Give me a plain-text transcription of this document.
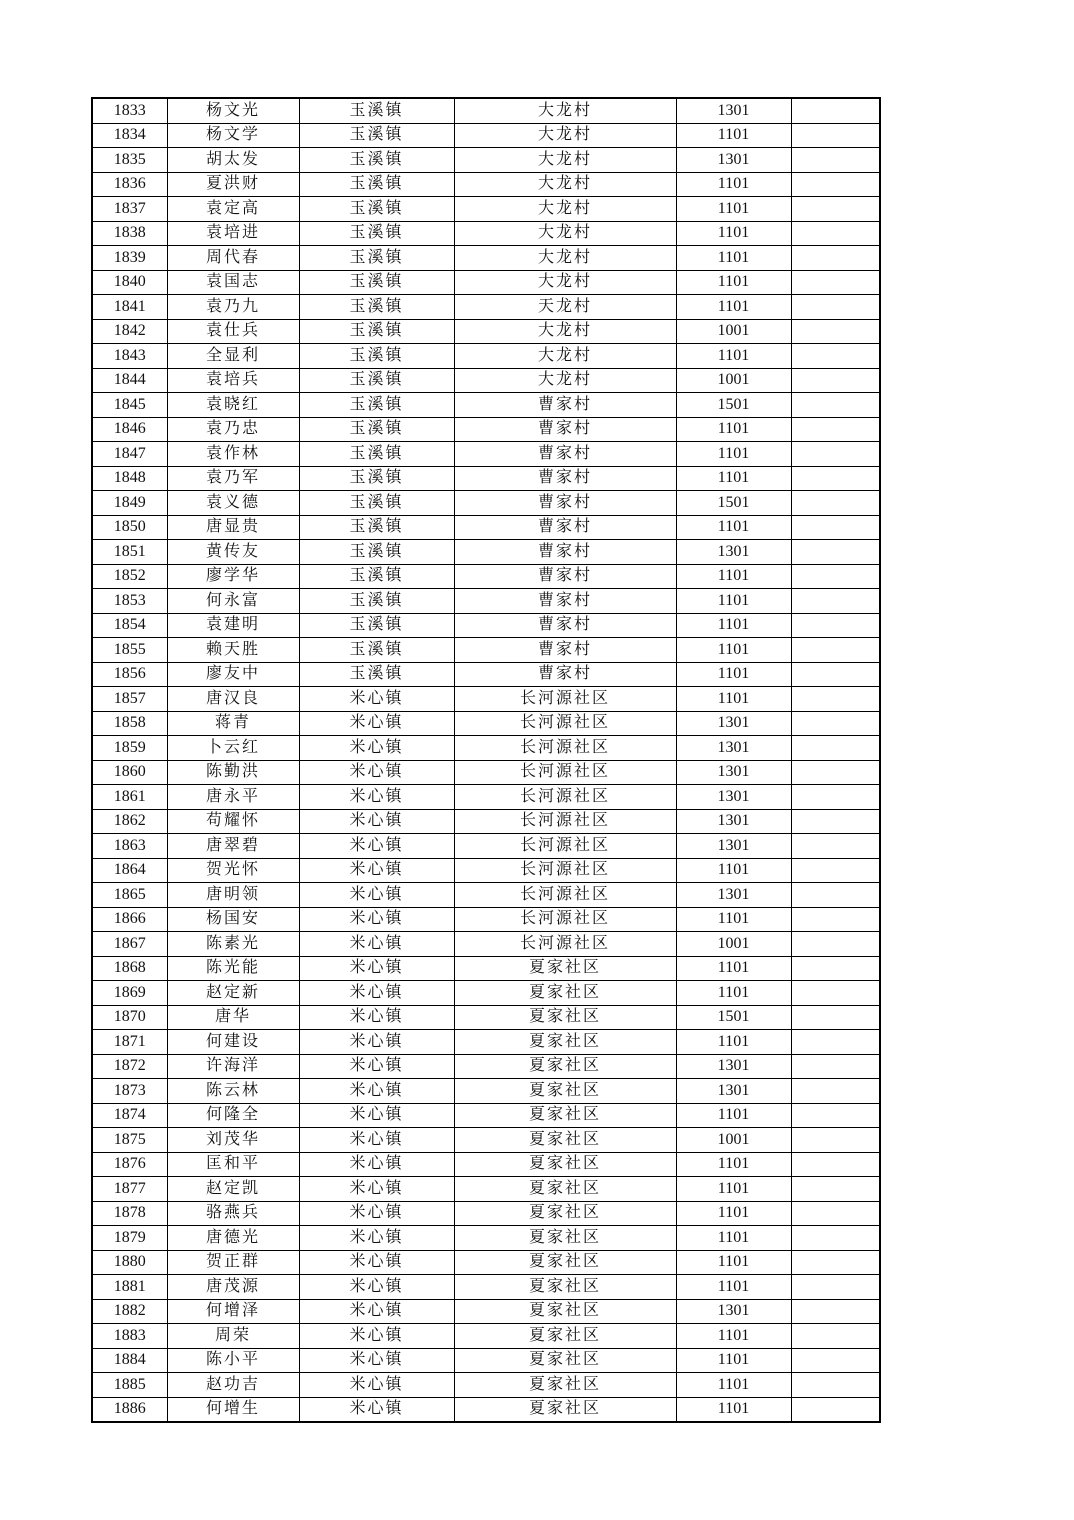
1833	杨文光	玉溪镇	大龙村	1301	
1834	杨文学	玉溪镇	大龙村	1101	
1835	胡太发	玉溪镇	大龙村	1301	
1836	夏洪财	玉溪镇	大龙村	1101	
1837	袁定高	玉溪镇	大龙村	1101	
1838	袁培进	玉溪镇	大龙村	1101	
1839	周代春	玉溪镇	大龙村	1101	
1840	袁国志	玉溪镇	大龙村	1101	
1841	袁乃九	玉溪镇	天龙村	1101	
1842	袁仕兵	玉溪镇	大龙村	1001	
1843	全显利	玉溪镇	大龙村	1101	
1844	袁培兵	玉溪镇	大龙村	1001	
1845	袁晓红	玉溪镇	曹家村	1501	
1846	袁乃忠	玉溪镇	曹家村	1101	
1847	袁作林	玉溪镇	曹家村	1101	
1848	袁乃军	玉溪镇	曹家村	1101	
1849	袁义德	玉溪镇	曹家村	1501	
1850	唐显贵	玉溪镇	曹家村	1101	
1851	黄传友	玉溪镇	曹家村	1301	
1852	廖学华	玉溪镇	曹家村	1101	
1853	何永富	玉溪镇	曹家村	1101	
1854	袁建明	玉溪镇	曹家村	1101	
1855	赖天胜	玉溪镇	曹家村	1101	
1856	廖友中	玉溪镇	曹家村	1101	
1857	唐汉良	米心镇	长河源社区	1101	
1858	蒋青	米心镇	长河源社区	1301	
1859	卜云红	米心镇	长河源社区	1301	
1860	陈勤洪	米心镇	长河源社区	1301	
1861	唐永平	米心镇	长河源社区	1301	
1862	苟耀怀	米心镇	长河源社区	1301	
1863	唐翠碧	米心镇	长河源社区	1301	
1864	贺光怀	米心镇	长河源社区	1101	
1865	唐明领	米心镇	长河源社区	1301	
1866	杨国安	米心镇	长河源社区	1101	
1867	陈素光	米心镇	长河源社区	1001	
1868	陈光能	米心镇	夏家社区	1101	
1869	赵定新	米心镇	夏家社区	1101	
1870	唐华	米心镇	夏家社区	1501	
1871	何建设	米心镇	夏家社区	1101	
1872	许海洋	米心镇	夏家社区	1301	
1873	陈云林	米心镇	夏家社区	1301	
1874	何隆全	米心镇	夏家社区	1101	
1875	刘茂华	米心镇	夏家社区	1001	
1876	匡和平	米心镇	夏家社区	1101	
1877	赵定凯	米心镇	夏家社区	1101	
1878	骆燕兵	米心镇	夏家社区	1101	
1879	唐德光	米心镇	夏家社区	1101	
1880	贺正群	米心镇	夏家社区	1101	
1881	唐茂源	米心镇	夏家社区	1101	
1882	何增泽	米心镇	夏家社区	1301	
1883	周荣	米心镇	夏家社区	1101	
1884	陈小平	米心镇	夏家社区	1101	
1885	赵功吉	米心镇	夏家社区	1101	
1886	何增生	米心镇	夏家社区	1101	
